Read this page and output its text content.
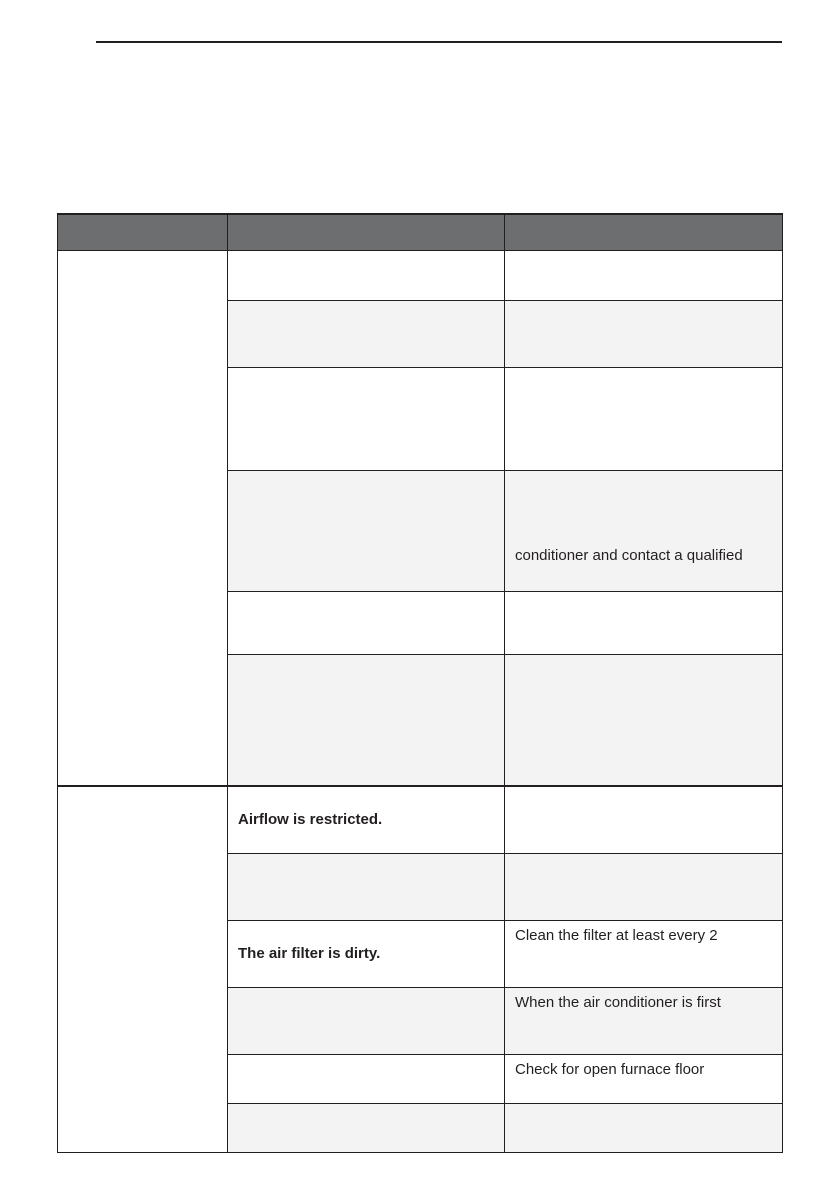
		conditioner and contact a qualified

	Airflow is restricted.	

	The air filter is dirty.	Clean the filter at least every 2
		When the air conditioner is first
		Check for open furnace floor
